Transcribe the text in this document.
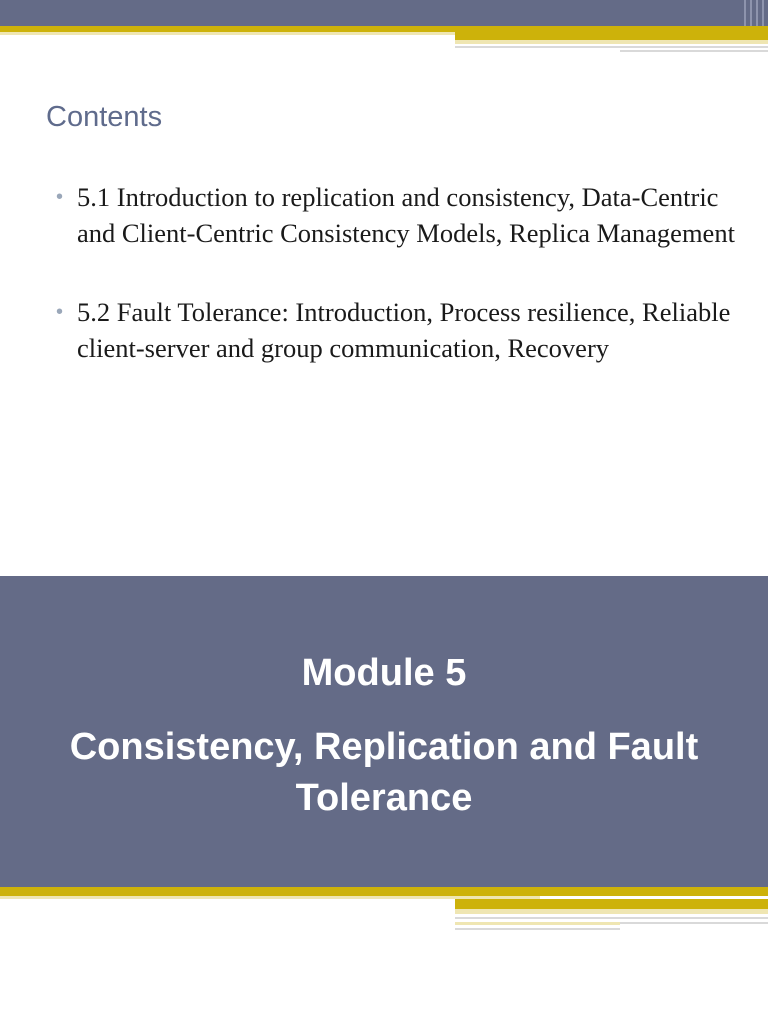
Contents
• 5.1 Introduction to replication and consistency, Data-Centric and Client-Centric Consistency Models, Replica Management
• 5.2 Fault Tolerance: Introduction, Process resilience, Reliable client-server and group communication, Recovery
Module 5
Consistency, Replication and Fault Tolerance
